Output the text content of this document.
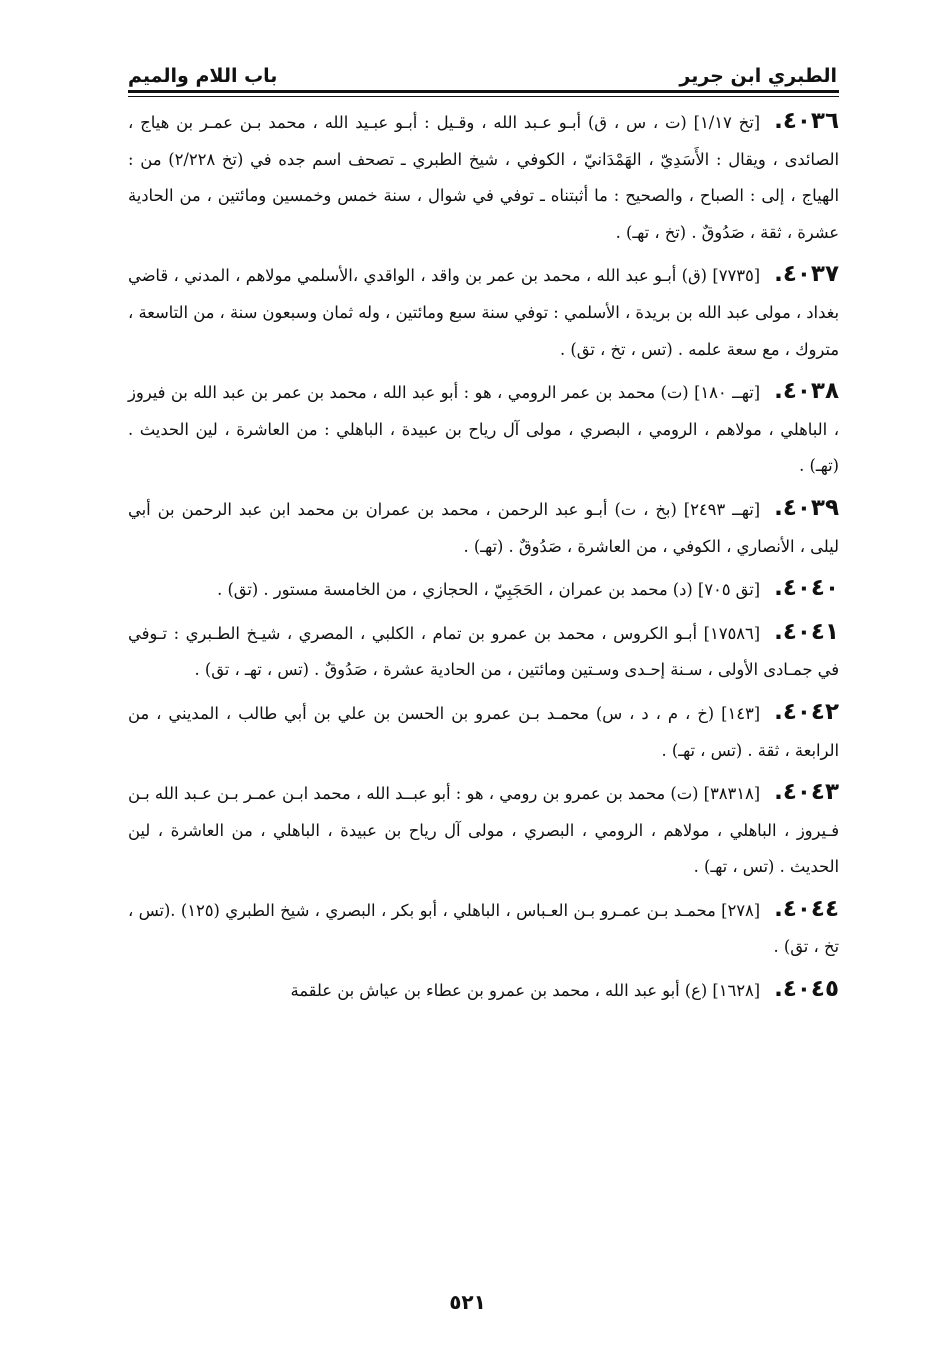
الطبري ابن جرير
باب اللام والميم

٤٠٣٦.[تخ ١/١٧] (ت ، س ، ق) أبـو عـبد الله ، وقـيل : أبـو عبـيد الله ، محمد بـن عمـر بن هياج ، الصائدى ، ويقال : الأَسَدِيّ ، الهَمْدَانيّ ، الكوفي ، شيخ الطبري ـ تصحف اسم جده في (تخ ٢/٢٢٨) من : الهياج ، إلى : الصباح ، والصحيح : ما أثبتناه ـ توفي في شوال ، سنة خمس وخمسين ومائتين ، من الحادية عشرة ، ثقة ، صَدُوقٌ . (تخ ، تهـ) .

٤٠٣٧.[٧٧٣٥] (ق) أبـو عبد الله ، محمد بن عمر بن واقد ، الواقدي ،الأسلمي مولاهم ، المدني ، قاضي بغداد ، مولى عبد الله بن بريدة ، الأسلمي : توفي سنة سبع ومائتين ، وله ثمان وسبعون سنة ، من التاسعة ، متروك ، مع سعة علمه . (تس ، تخ ، تق) .

٤٠٣٨.[تهــ ١٨٠] (ت) محمد بن عمر الرومي ، هو : أبو عبد الله ، محمد بن عمر بن عبد الله بن فيروز ، الباهلي ، مولاهم ، الرومي ، البصري ، مولى آل رياح بن عبيدة ، الباهلي : من العاشرة ، لين الحديث . (تهـ) .

٤٠٣٩.[تهــ ٢٤٩٣] (بخ ، ت) أبـو عبد الرحمن ، محمد بن عمران بن محمد ابن عبد الرحمن بن أبي ليلى ، الأنصاري ، الكوفي ، من العاشرة ، صَدُوقٌ . (تهـ) .

٤٠٤٠.[تق ٧٠٥] (د) محمد بن عمران ، الحَجَبِيّ ، الحجازي ، من الخامسة مستور . (تق) .

٤٠٤١.[١٧٥٨٦] أبـو الكروس ، محمد بن عمرو بن تمام ، الكلبي ، المصري ، شيـخ الطـبري : تـوفي في جمـادى الأولى ، سـنة إحـدى وسـتين ومائتين ، من الحادية عشرة ، صَدُوقٌ . (تس ، تهـ ، تق) .

٤٠٤٢.[١٤٣] (خ ، م ، د ، س) محمـد بـن عمرو بن الحسن بن علي بن أبي طالب ، المديني ، من الرابعة ، ثقة . (تس ، تهـ) .

٤٠٤٣.[٣٨٣١٨] (ت) محمد بن عمرو بن رومي ، هو : أبو عبــد الله ، محمد ابـن عمـر بـن عـبد الله بـن فـيروز ، الباهلي ، مولاهم ، الرومي ، البصري ، مولى آل رياح بن عبيدة ، الباهلي ، من العاشرة ، لين الحديث . (تس ، تهـ) .

٤٠٤٤.[٢٧٨] محمـد بـن عمـرو بـن العـباس ، الباهلي ، أبو بكر ، البصري ، شيخ الطبري (١٢٥) .(تس ، تخ ، تق) .

٤٠٤٥.[١٦٢٨] (ع) أبو عبد الله ، محمد بن عمرو بن عطاء بن عياش بن علقمة

٥٢١
